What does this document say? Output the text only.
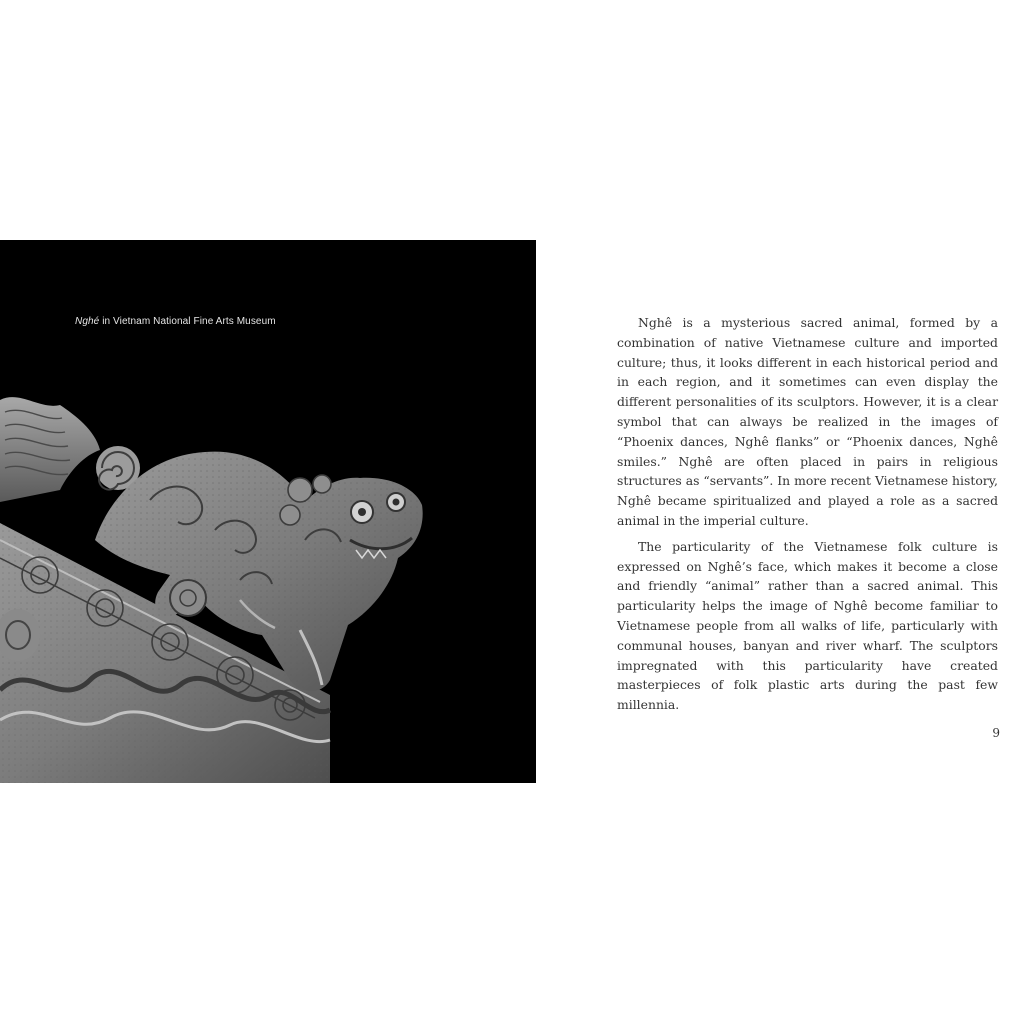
Nghé in Vietnam National Fine Arts Museum	Nghê is a mysterious sacred animal, formed by a combination of native Vietnamese culture and imported culture; thus, it looks different in each historical period and in each region, and it sometimes can even display the different personalities of its sculptors. However, it is a clear symbol that can always be realized in the images of “Phoenix dances, Nghê flanks” or “Phoenix dances, Nghê smiles.” Nghê are often placed in pairs in religious structures as “servants”. In more recent Vietnamese history, Nghê became spiritualized and played a role as a sacred animal in the imperial culture.

The particularity of the Vietnamese folk culture is expressed on Nghê’s face, which makes it become a close and friendly “animal” rather than a sacred animal. This particularity helps the image of Nghê become familiar to Vietnamese people from all walks of life, particularly with communal houses, banyan and river wharf. The sculptors impregnated with this particularity have created masterpieces of folk plastic arts during the past few millennia.

9
